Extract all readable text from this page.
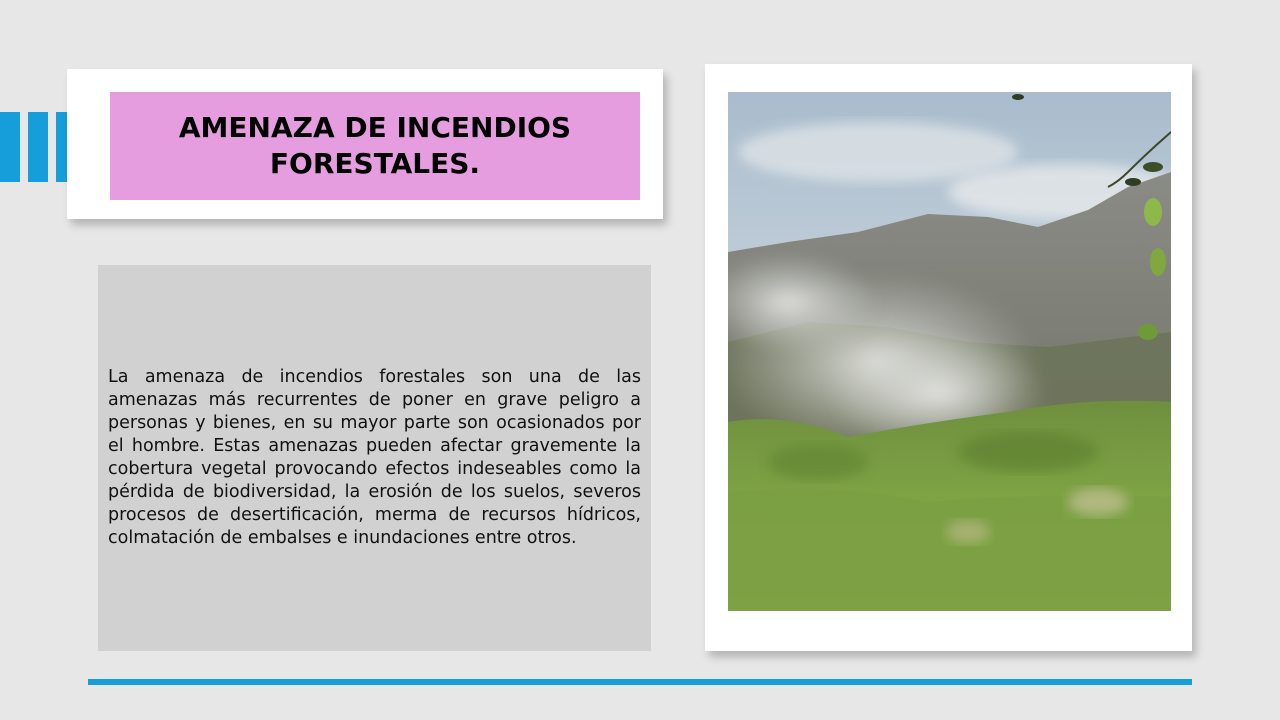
AMENAZA DE INCENDIOS FORESTALES.

La amenaza de incendios forestales son una de las amenazas más recurrentes de poner en grave peligro a personas y bienes, en su mayor parte son ocasionados por el hombre. Estas amenazas pueden afectar gravemente la cobertura vegetal provocando efectos indeseables como la pérdida de biodiversidad, la erosión de los suelos, severos procesos de desertificación, merma de recursos hídricos, colmatación de embalses e inundaciones entre otros.
